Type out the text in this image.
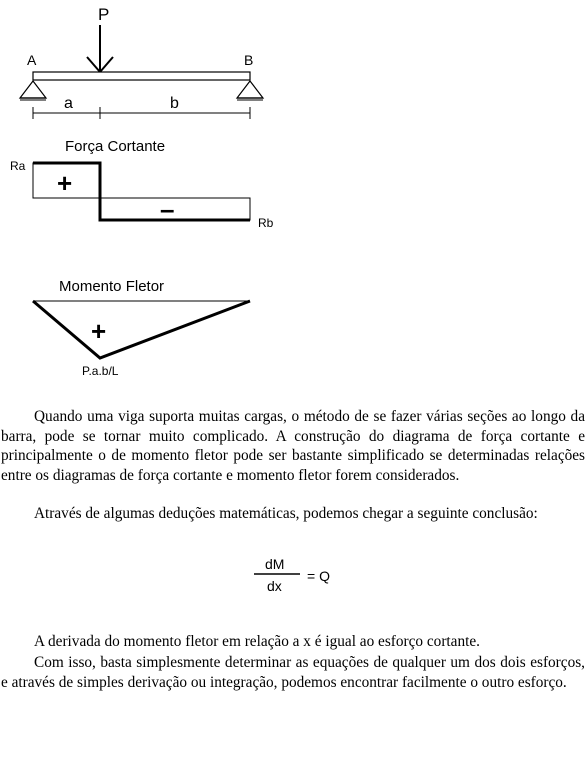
P
A	B
a	b
Força Cortante
Ra
Rb
+
–
Momento Fletor
+
P.a.b/L

Quando uma viga suporta muitas cargas, o método de se fazer várias seções ao longo da barra, pode se tornar muito complicado. A construção do diagrama de força cortante e principalmente o de momento fletor pode ser bastante simplificado se determinadas relações entre os diagramas de força cortante e momento fletor forem considerados.

Através de algumas deduções matemáticas, podemos chegar a seguinte conclusão:

dM
dx
= Q

A derivada do momento fletor em relação a x é igual ao esforço cortante.

Com isso, basta simplesmente determinar as equações de qualquer um dos dois esforços, e através de simples derivação ou integração, podemos encontrar facilmente o outro esforço.
